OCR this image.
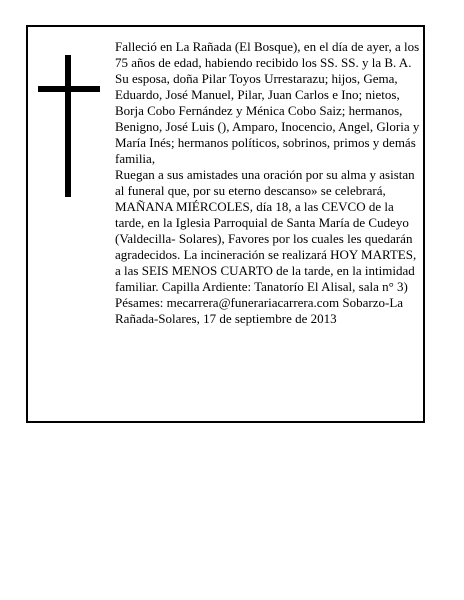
Falleció en La Rañada (El Bosque), en el día de ayer, a los 75 años de edad, habiendo recibido los SS. SS. y la B. A.

Su esposa, doña Pilar Toyos Urrestarazu; hijos, Gema, Eduardo, José Manuel, Pilar, Juan Carlos e Ino; nietos, Borja Cobo Fernández y Ménica Cobo Saiz; hermanos, Benigno, José Luis (), Amparo, Inocencio, Angel, Gloria y María Inés; hermanos políticos, sobrinos, primos y demás familia,

Ruegan a sus amistades una oración por su alma y asistan al funeral que, por su eterno descanso» se celebrará, MAÑANA MIÉRCOLES, día 18, a las CEVCO de la tarde, en la Iglesia Parroquial de Santa María de Cudeyo (Valdecilla- Solares), Favores por los cuales les quedarán agradecidos. La incineración se realizará HOY MARTES, a las SEIS MENOS CUARTO de la tarde, en la intimidad familiar. Capilla Ardiente: Tanatorío El Alisal, sala n° 3)

Pésames: mecarrera@funerariacarrera.com Sobarzo-La Rañada-Solares, 17 de septiembre de 2013
